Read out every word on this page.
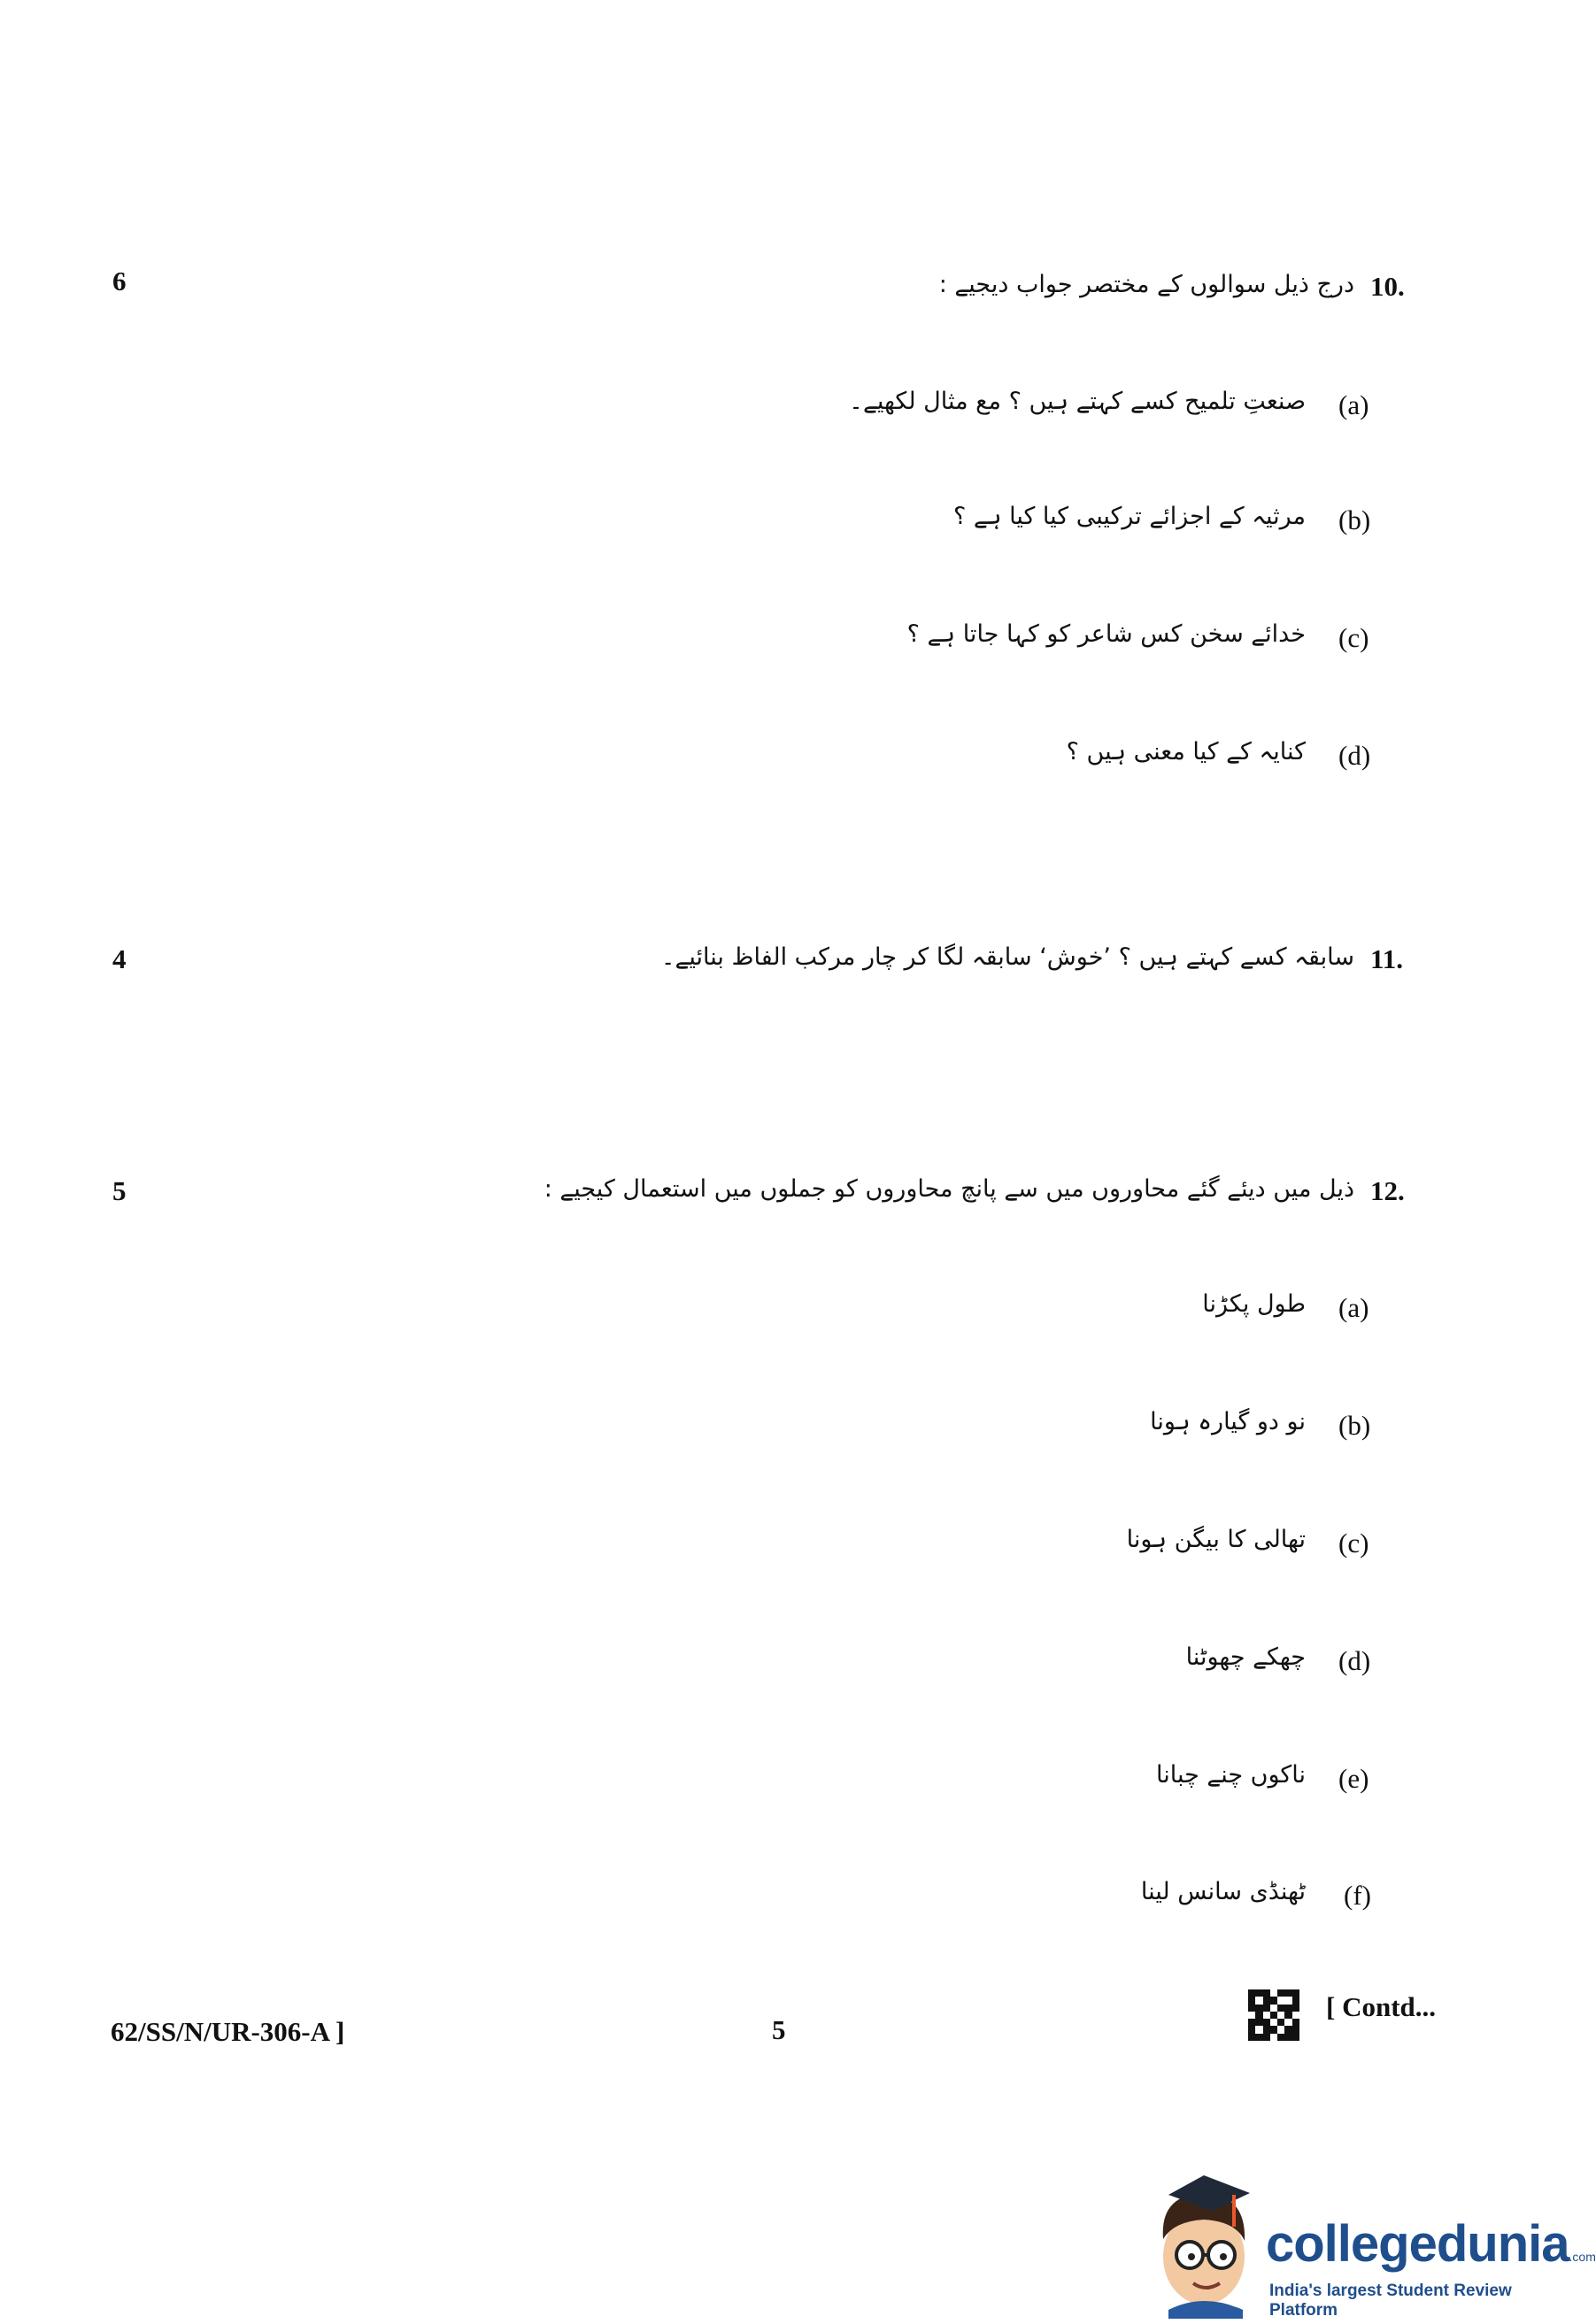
6	10.
درج ذیل سوالوں کے مختصر جواب دیجیے :
(a)
صنعتِ تلمیح کسے کہتے ہیں ؟ مع مثال لکھیے۔
(b)
مرثیہ کے اجزائے ترکیبی کیا کیا ہے ؟
(c)
خدائے سخن کس شاعر کو کہا جاتا ہے ؟
(d)
کنایہ کے کیا معنی ہیں ؟
4	11.
سابقہ کسے کہتے ہیں ؟ ’خوش‘ سابقہ لگا کر چار مرکب الفاظ بنائیے۔
5	12.
ذیل میں دیئے گئے محاوروں میں سے پانچ محاوروں کو جملوں میں استعمال کیجیے :
(a)
طول پکڑنا
(b)
نو دو گیارہ ہونا
(c)
تھالی کا بیگن ہونا
(d)
چھکے چھوٹنا
(e)
ناکوں چنے چبانا
(f)
ٹھنڈی سانس لینا
62/SS/N/UR-306-A ]	5
[ Contd...
collegedunia.com
India's largest Student Review Platform
